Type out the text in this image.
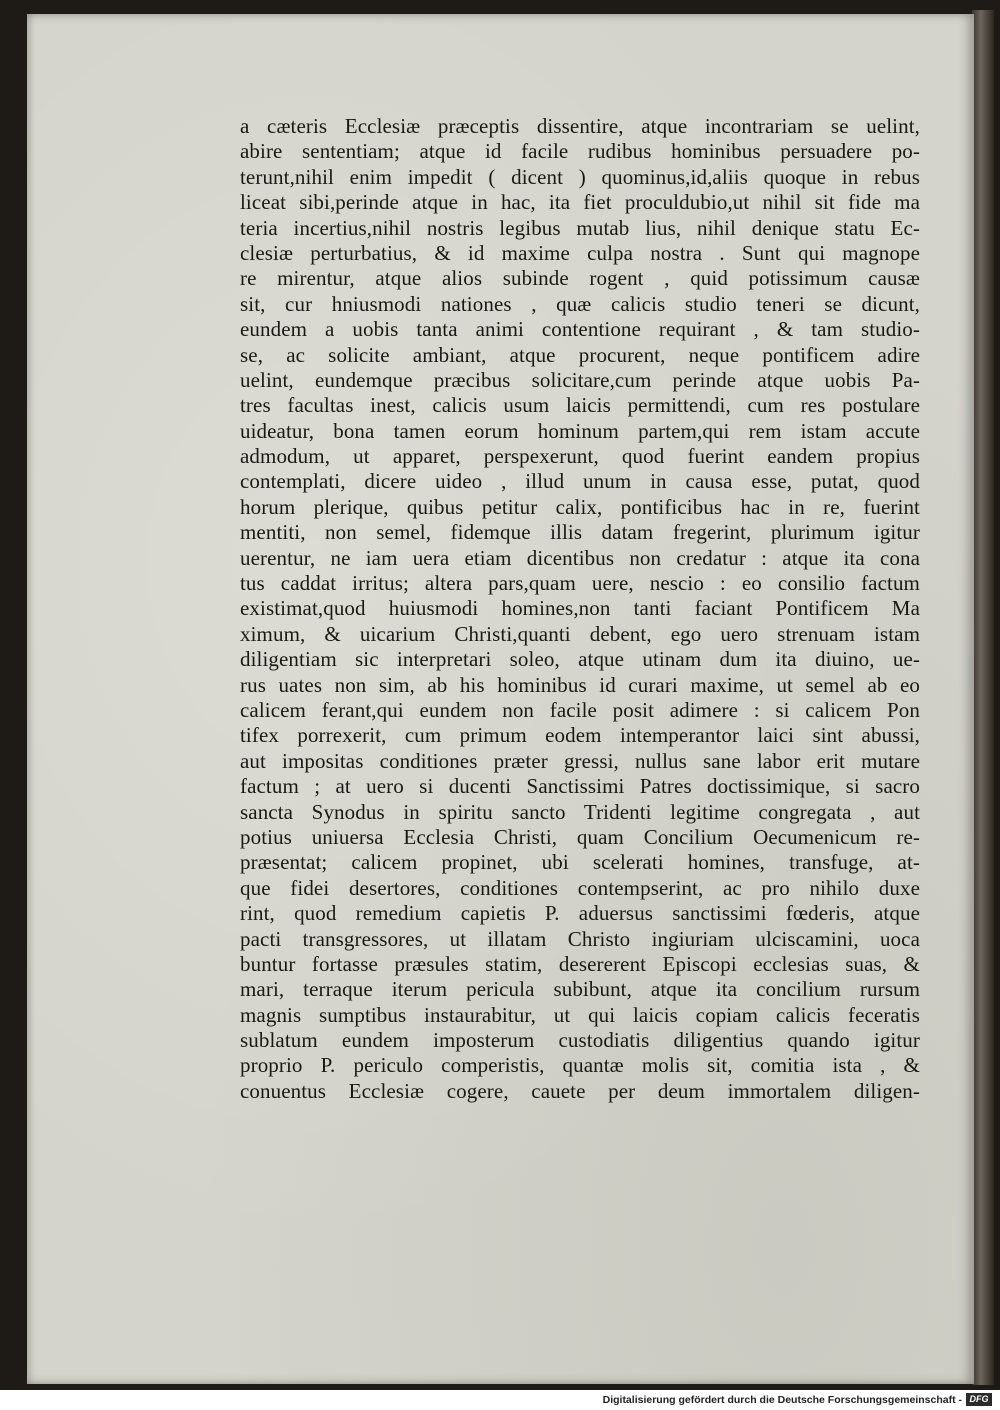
a cæteris Ecclesiæ præceptis dissentire, atque incontrariam se uelint,
abire sententiam; atque id facile rudibus hominibus persuadere po-
terunt,nihil enim impedit ( dicent ) quominus,id,aliis quoque in rebus
liceat sibi,perinde atque in hac, ita fiet proculdubio,ut nihil sit fide ma
teria incertius,nihil nostris legibus mutab lius, nihil denique statu Ec-
clesiæ perturbatius, & id maxime culpa nostra . Sunt qui magnope
re mirentur, atque alios subinde rogent , quid potissimum causæ
sit, cur hniusmodi nationes , quæ calicis studio teneri se dicunt,
eundem a uobis tanta animi contentione requirant , & tam studio-
se, ac solicite ambiant, atque procurent, neque pontificem adire
uelint, eundemque præcibus solicitare,cum perinde atque uobis Pa-
tres facultas inest, calicis usum laicis permittendi, cum res postulare
uideatur, bona tamen eorum hominum partem,qui rem istam accute
admodum, ut apparet, perspexerunt, quod fuerint eandem propius
contemplati, dicere uideo , illud unum in causa esse, putat, quod
horum plerique, quibus petitur calix, pontificibus hac in re, fuerint
mentiti, non semel, fidemque illis datam fregerint, plurimum igitur
uerentur, ne iam uera etiam dicentibus non credatur : atque ita cona
tus caddat irritus; altera pars,quam uere, nescio : eo consilio factum
existimat,quod huiusmodi homines,non tanti faciant Pontificem Ma
ximum, & uicarium Christi,quanti debent, ego uero strenuam istam
diligentiam sic interpretari soleo, atque utinam dum ita diuino, ue-
rus uates non sim, ab his hominibus id curari maxime, ut semel ab eo
calicem ferant,qui eundem non facile posit adimere : si calicem Pon
tifex porrexerit, cum primum eodem intemperantor laici sint abussi,
aut impositas conditiones præter gressi, nullus sane labor erit mutare
factum ; at uero si ducenti Sanctissimi Patres doctissimique, si sacro
sancta Synodus in spiritu sancto Tridenti legitime congregata , aut
potius uniuersa Ecclesia Christi, quam Concilium Oecumenicum re-
præsentat; calicem propinet, ubi scelerati homines, transfuge, at-
que fidei desertores, conditiones contempserint, ac pro nihilo duxe
rint, quod remedium capietis P. aduersus sanctissimi fœderis, atque
pacti transgressores, ut illatam Christo ingiuriam ulciscamini, uoca
buntur fortasse præsules statim, desererent Episcopi ecclesias suas, &
mari, terraque iterum pericula subibunt, atque ita concilium rursum
magnis sumptibus instaurabitur, ut qui laicis copiam calicis feceratis
sublatum eundem imposterum custodiatis diligentius quando igitur
proprio P. periculo comperistis, quantæ molis sit, comitia ista , &
conuentus Ecclesiæ cogere, cauete per deum immortalem diligen-
Digitalisierung gefördert durch die Deutsche Forschungsgemeinschaft - DFG
